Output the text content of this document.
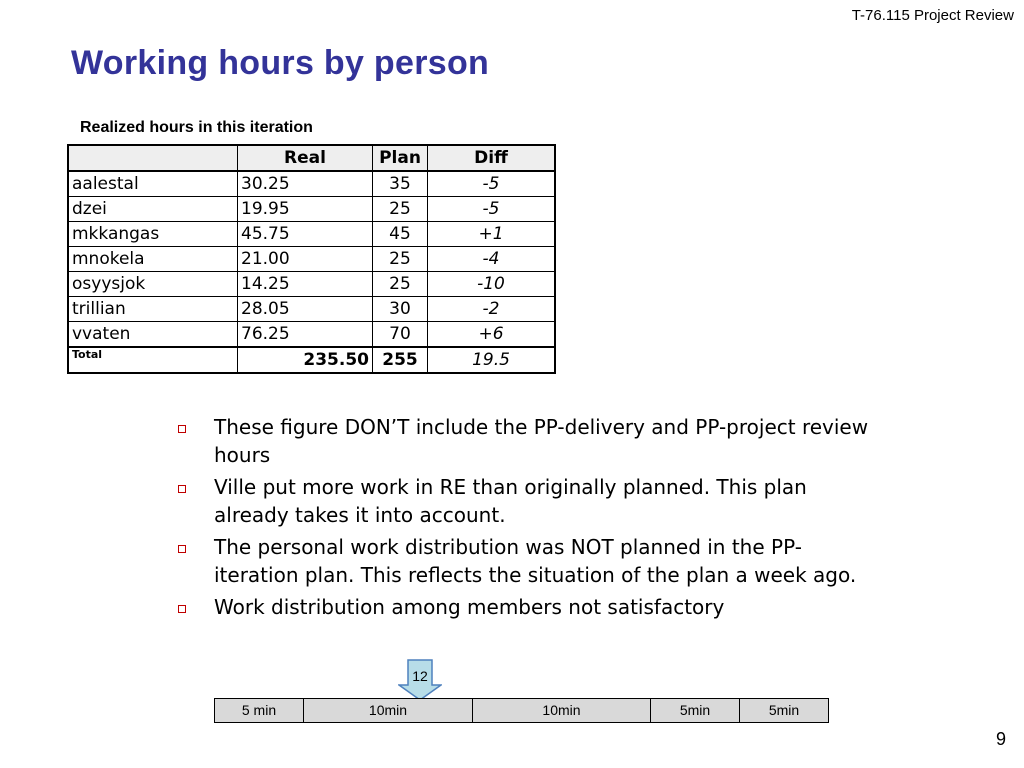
T-76.115 Project Review
Working hours by person
Realized hours in this iteration
	Real	Plan	Diff
aalestal	30.25	35	-5
dzei	19.95	25	-5
mkkangas	45.75	45	+1
mnokela	21.00	25	-4
osyysjok	14.25	25	-10
trillian	28.05	30	-2
vvaten	76.25	70	+6
Total	235.50	255	19.5
These figure DON’T include the PP-delivery and PP-project review hours
Ville put more work in RE than originally planned. This plan already takes it into account.
The personal work distribution was NOT planned in the PP-iteration plan. This reflects the situation of the plan a week ago.
Work distribution among members not satisfactory
12
5 min	10min	10min	5min	5min
9
